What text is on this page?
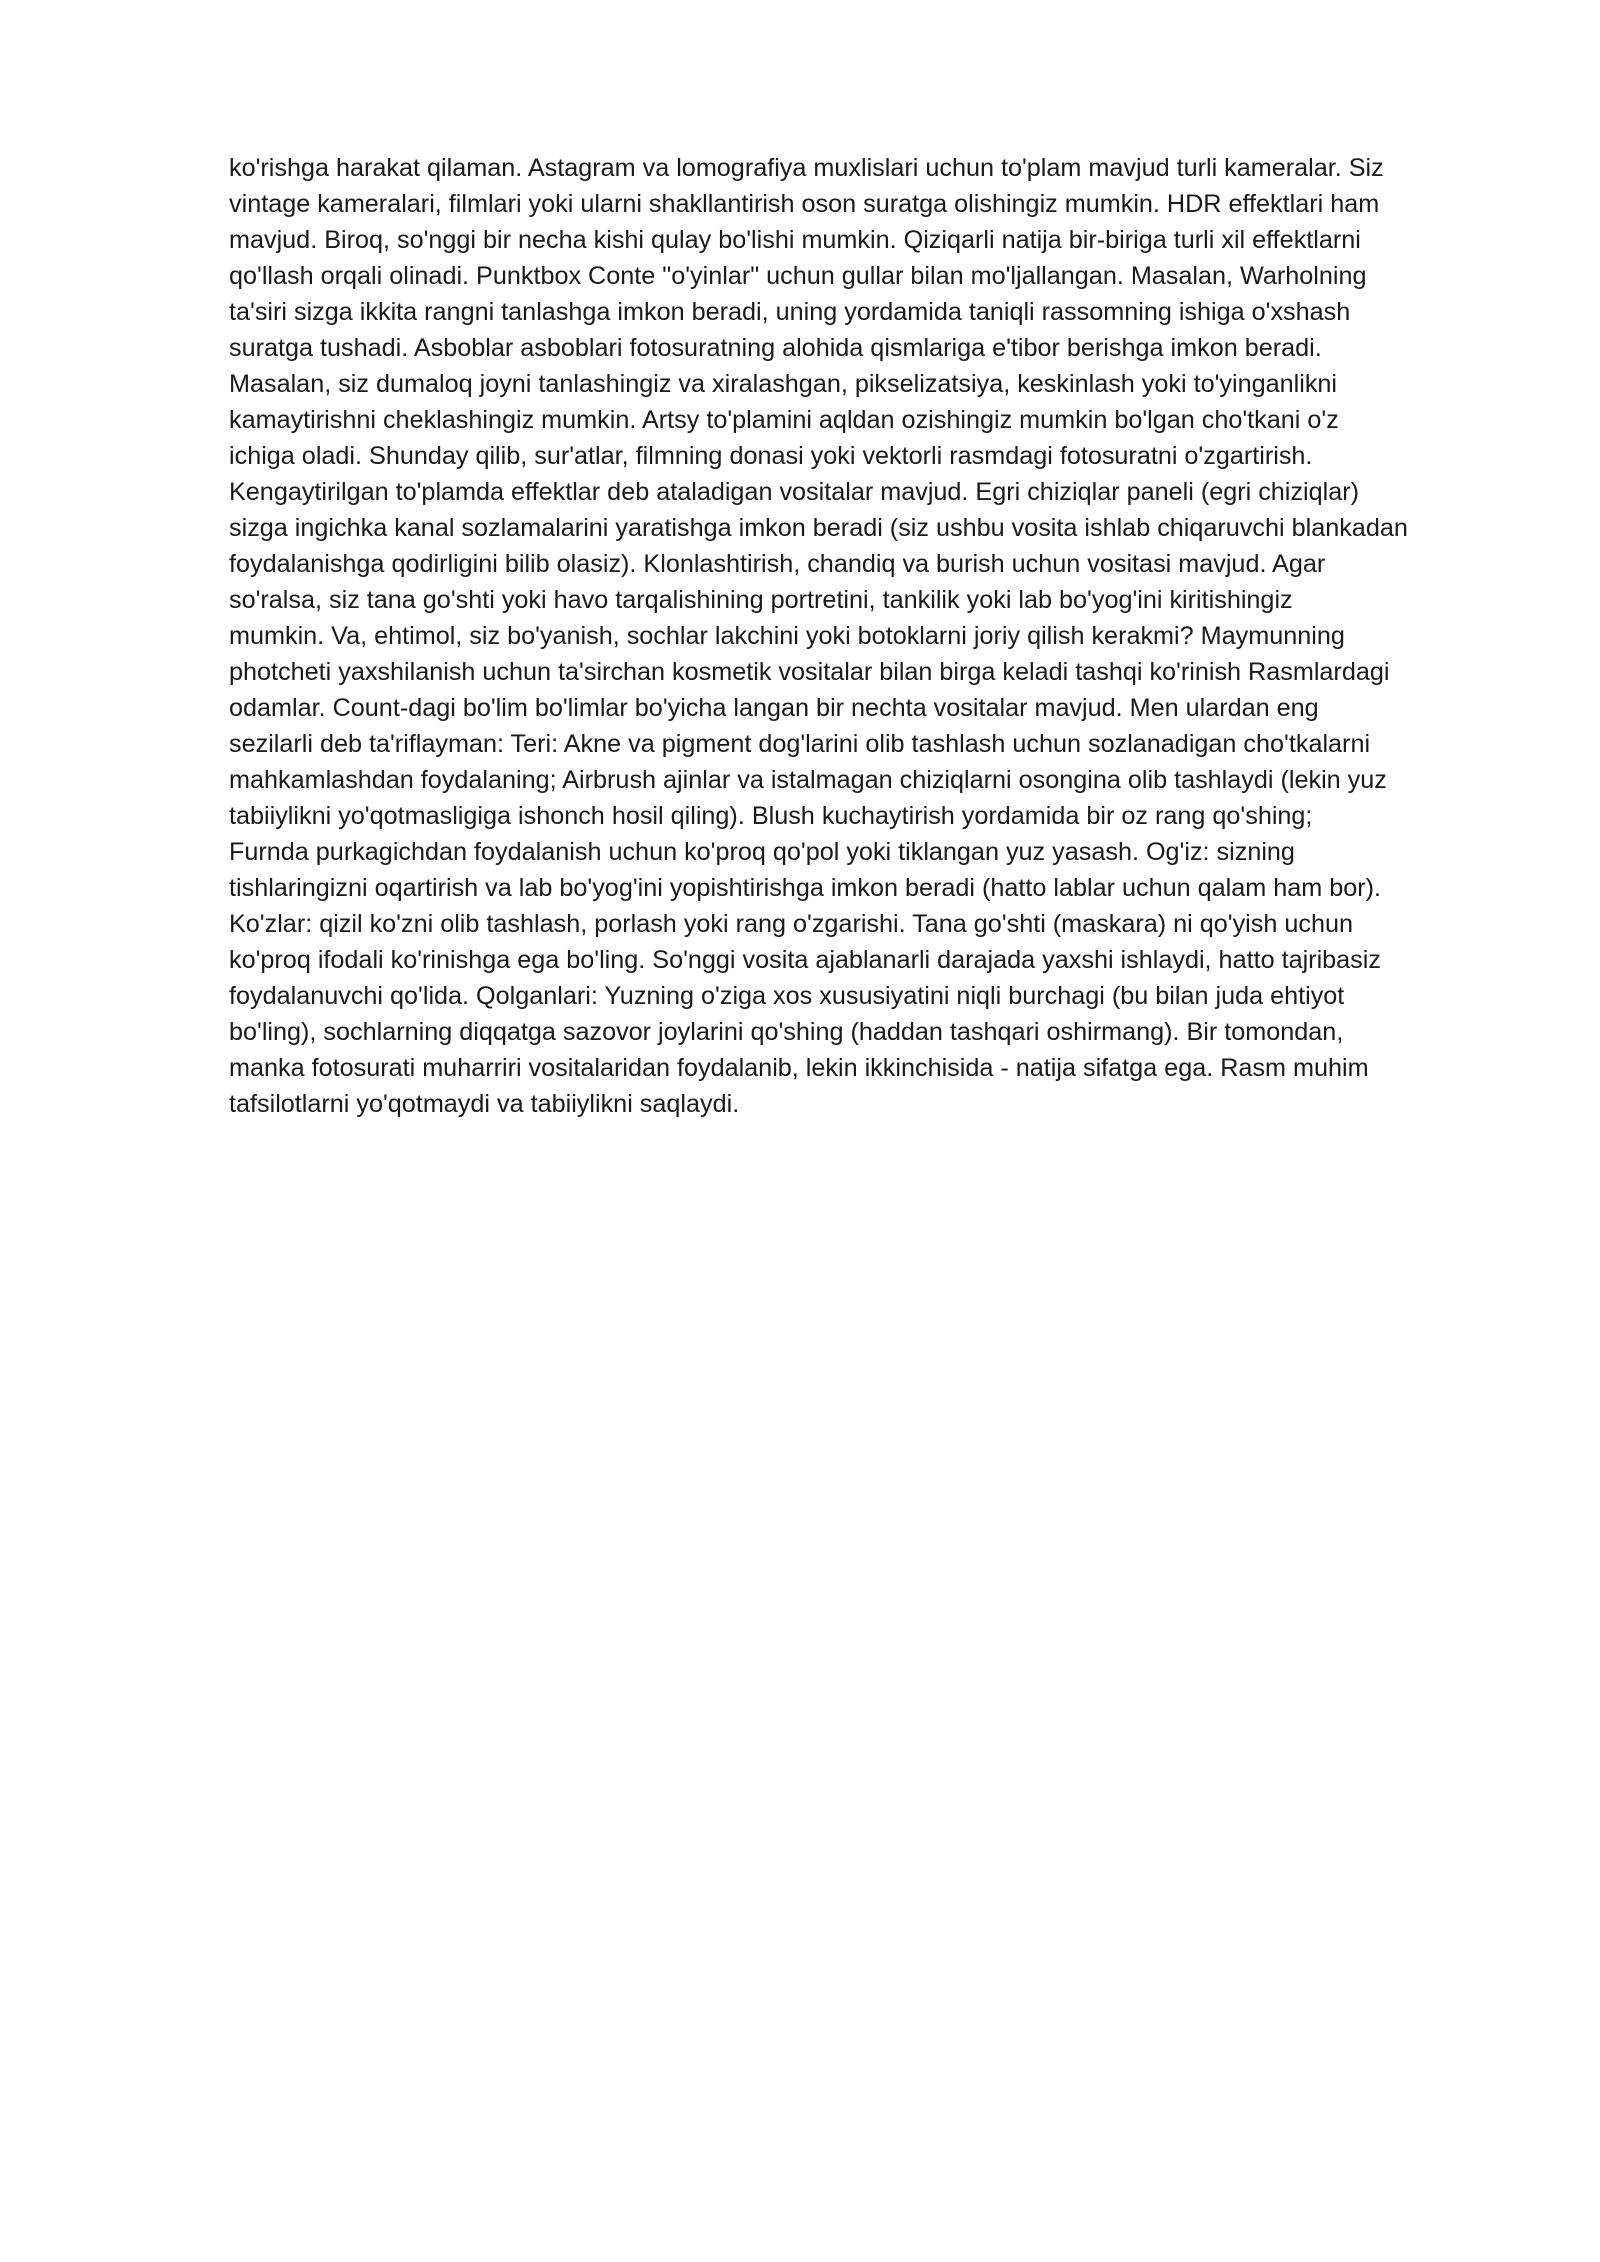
ko'rishga harakat qilaman. Astagram va lomografiya muxlislari uchun to'plam mavjud turli kameralar. Siz
vintage kameralari, filmlari yoki ularni shakllantirish oson suratga olishingiz mumkin. HDR effektlari ham
mavjud. Biroq, so'nggi bir necha kishi qulay bo'lishi mumkin. Qiziqarli natija bir-biriga turli xil effektlarni
qo'llash orqali olinadi. Punktbox Conte "o'yinlar" uchun gullar bilan mo'ljallangan. Masalan, Warholning
ta'siri sizga ikkita rangni tanlashga imkon beradi, uning yordamida taniqli rassomning ishiga o'xshash
suratga tushadi. Asboblar asboblari fotosuratning alohida qismlariga e'tibor berishga imkon beradi.
Masalan, siz dumaloq joyni tanlashingiz va xiralashgan, pikselizatsiya, keskinlash yoki to'yinganlikni
kamaytirishni cheklashingiz mumkin. Artsy to'plamini aqldan ozishingiz mumkin bo'lgan cho'tkani o'z
ichiga oladi. Shunday qilib, sur'atlar, filmning donasi yoki vektorli rasmdagi fotosuratni o'zgartirish.
Kengaytirilgan to'plamda effektlar deb ataladigan vositalar mavjud. Egri chiziqlar paneli (egri chiziqlar)
sizga ingichka kanal sozlamalarini yaratishga imkon beradi (siz ushbu vosita ishlab chiqaruvchi blankadan
foydalanishga qodirligini bilib olasiz). Klonlashtirish, chandiq va burish uchun vositasi mavjud. Agar
so'ralsa, siz tana go'shti yoki havo tarqalishining portretini, tankilik yoki lab bo'yog'ini kiritishingiz
mumkin. Va, ehtimol, siz bo'yanish, sochlar lakchini yoki botoklarni joriy qilish kerakmi? Maymunning
photcheti yaxshilanish uchun ta'sirchan kosmetik vositalar bilan birga keladi tashqi ko'rinish Rasmlardagi
odamlar. Count-dagi bo'lim bo'limlar bo'yicha langan bir nechta vositalar mavjud. Men ulardan eng
sezilarli deb ta'riflayman: Teri: Akne va pigment dog'larini olib tashlash uchun sozlanadigan cho'tkalarni
mahkamlashdan foydalaning; Airbrush ajinlar va istalmagan chiziqlarni osongina olib tashlaydi (lekin yuz
tabiiylikni yo'qotmasligiga ishonch hosil qiling). Blush kuchaytirish yordamida bir oz rang qo'shing;
Furnda purkagichdan foydalanish uchun ko'proq qo'pol yoki tiklangan yuz yasash. Og'iz: sizning
tishlaringizni oqartirish va lab bo'yog'ini yopishtirishga imkon beradi (hatto lablar uchun qalam ham bor).
Ko'zlar: qizil ko'zni olib tashlash, porlash yoki rang o'zgarishi. Tana go'shti (maskara) ni qo'yish uchun
ko'proq ifodali ko'rinishga ega bo'ling. So'nggi vosita ajablanarli darajada yaxshi ishlaydi, hatto tajribasiz
foydalanuvchi qo'lida. Qolganlari: Yuzning o'ziga xos xususiyatini niqli burchagi (bu bilan juda ehtiyot
bo'ling), sochlarning diqqatga sazovor joylarini qo'shing (haddan tashqari oshirmang). Bir tomondan,
manka fotosurati muharriri vositalaridan foydalanib, lekin ikkinchisida - natija sifatga ega. Rasm muhim
tafsilotlarni yo'qotmaydi va tabiiylikni saqlaydi.
